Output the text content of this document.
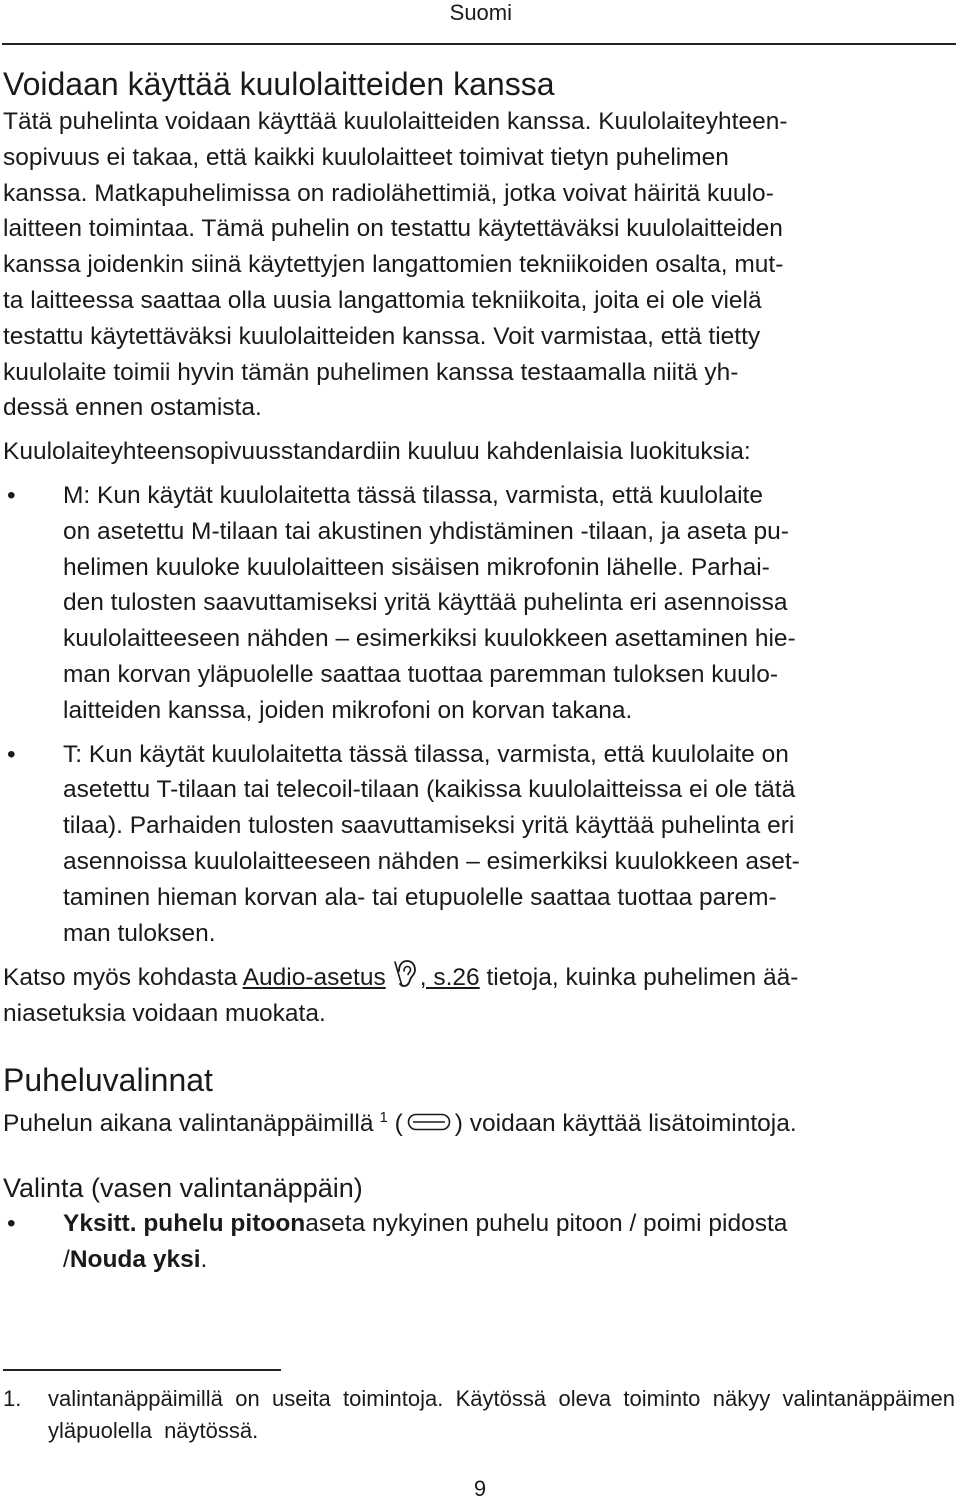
Suomi
Voidaan käyttää kuulolaitteiden kanssa

Tätä puhelinta voidaan käyttää kuulolaitteiden kanssa. Kuulolaiteyhteen-

sopivuus ei takaa, että kaikki kuulolaitteet toimivat tietyn puhelimen

kanssa. Matkapuhelimissa on radiolähettimiä, jotka voivat häiritä kuulo-

laitteen toimintaa. Tämä puhelin on testattu käytettäväksi kuulolaitteiden

kanssa joidenkin siinä käytettyjen langattomien tekniikoiden osalta, mut-

ta laitteessa saattaa olla uusia langattomia tekniikoita, joita ei ole vielä

testattu käytettäväksi kuulolaitteiden kanssa. Voit varmistaa, että tietty

kuulolaite toimii hyvin tämän puhelimen kanssa testaamalla niitä yh-

dessä ennen ostamista.

Kuulolaiteyhteensopivuusstandardiin kuuluu kahdenlaisia luokituksia:

• M: Kun käytät kuulolaitetta tässä tilassa, varmista, että kuulolaite
on asetettu M-tilaan tai akustinen yhdistäminen -tilaan, ja aseta pu-
helimen kuuloke kuulolaitteen sisäisen mikrofonin lähelle. Parhai-
den tulosten saavuttamiseksi yritä käyttää puhelinta eri asennoissa
kuulolaitteeseen nähden – esimerkiksi kuulokkeen asettaminen hie-
man korvan yläpuolelle saattaa tuottaa paremman tuloksen kuulo-
laitteiden kanssa, joiden mikrofoni on korvan takana.
• T: Kun käytät kuulolaitetta tässä tilassa, varmista, että kuulolaite on
asetettu T-tilaan tai telecoil-tilaan (kaikissa kuulolaitteissa ei ole tätä
tilaa). Parhaiden tulosten saavuttamiseksi yritä käyttää puhelinta eri
asennoissa kuulolaitteeseen nähden – esimerkiksi kuulokkeen aset-
taminen hieman korvan ala- tai etupuolelle saattaa tuottaa parem-
man tuloksen.

Katso myös kohdasta Audio-asetus , s.26 tietoja, kuinka puhelimen ää-

niasetuksia voidaan muokata.

Puheluvalinnat

Puhelun aikana valintanäppäimillä $^1$ ( ) voidaan käyttää lisätoimintoja.

Valinta (vasen valintanäppäin)
• Yksitt. puhelu pitoonaseta nykyinen puhelu pitoon / poimi pidosta
/Nouda yksi.
1. valintanäppäimillä on useita toimintoja. Käytössä oleva toiminto näkyy valintanäppäimen yläpuolella näytössä.
9
